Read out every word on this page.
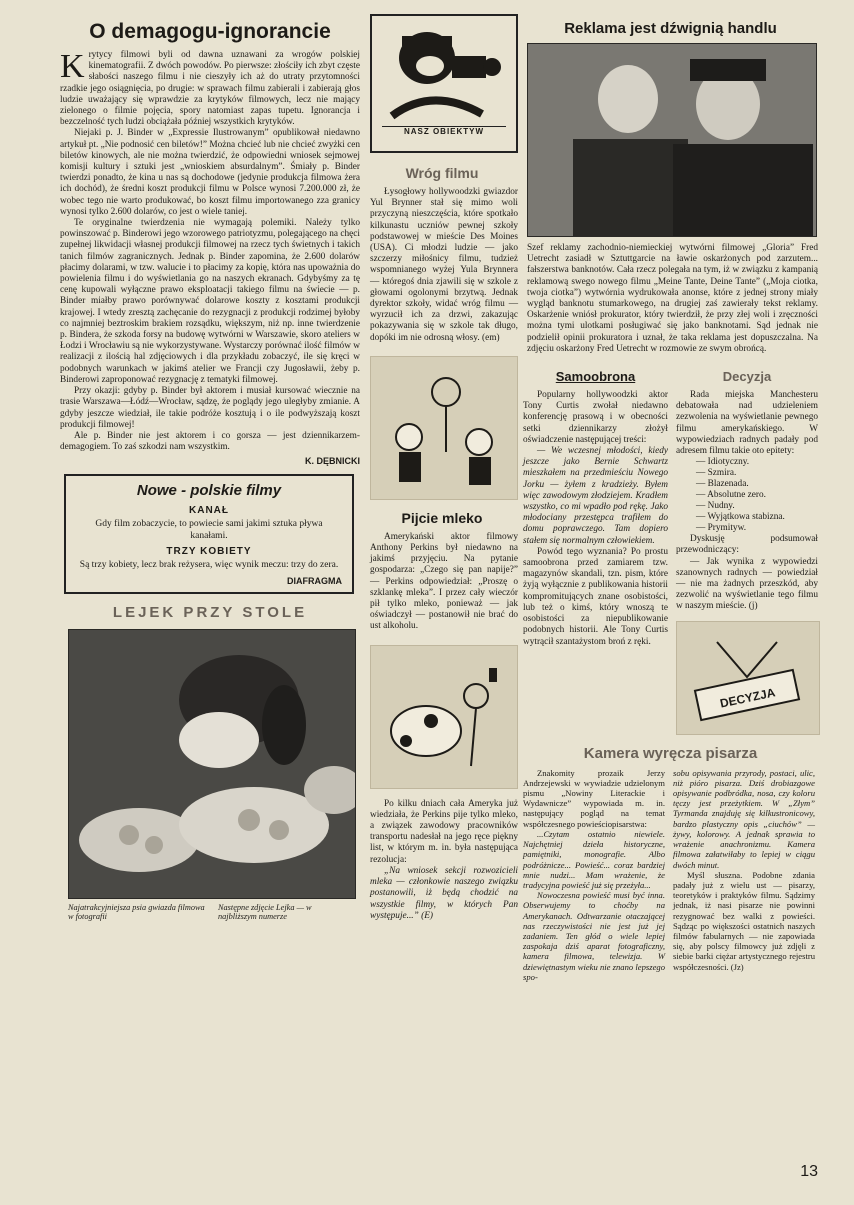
O demagogu-ignorancie

Krytycy filmowi byli od dawna uznawani za wrogów polskiej kinematografii. Z dwóch powodów. Po pierwsze: złościły ich zbyt częste słabości naszego filmu i nie cieszyły ich aż do utraty przytomności rzadkie jego osiągnięcia, po drugie: w sprawach filmu zabierali i zabierają głos ludzie uważający się wprawdzie za krytyków filmowych, lecz nie mający zielonego o filmie pojęcia, spory natomiast zapas tupetu. Ignorancja i bezczelność tych ludzi obciążała później wszystkich krytyków.

Niejaki p. J. Binder w „Expressie Ilustrowanym” opublikował niedawno artykuł pt. „Nie podnosić cen biletów!” Można chcieć lub nie chcieć zwyżki cen biletów kinowych, ale nie można twierdzić, że odpowiedni wniosek sejmowej komisji kultury i sztuki jest „wnioskiem absurdalnym”. Śmiały p. Binder twierdzi ponadto, że kina u nas są dochodowe (jedynie produkcja filmowa żera ich dochód), że średni koszt produkcji filmu w Polsce wynosi 7.200.000 zł, że wobec tego nie warto produkować, bo koszt filmu importowanego zza granicy wynosi tylko 2.600 dolarów, co jest o wiele taniej.

Te oryginalne twierdzenia nie wymagają polemiki. Należy tylko powinszować p. Binderowi jego wzorowego patriotyzmu, polegającego na chęci zupełnej likwidacji własnej produkcji filmowej na rzecz tych świetnych i takich tanich filmów zagranicznych. Jednak p. Binder zapomina, że 2.600 dolarów płacimy dolarami, w tzw. walucie i to płacimy za kopię, która nas upoważnia do powielenia filmu i do wyświetlania go na naszych ekranach. Gdybyśmy za tę cenę kupowali wyłączne prawo eksploatacji takiego filmu na świecie — p. Binder miałby prawo porównywać dolarowe koszty z kosztami produkcji krajowej. I wtedy zresztą zachęcanie do rezygnacji z produkcji rodzimej byłoby co najmniej beztroskim brakiem rozsądku, większym, niż np. inne twierdzenie p. Bindera, że szkoda forsy na budowę wytwórni w Warszawie, skoro ateliers w Łodzi i Wrocławiu są nie wykorzystywane. Wystarczy porównać ilość filmów w realizacji z ilością hal zdjęciowych i dla przykładu zobaczyć, ile się kręci w podobnych warunkach w jakimś atelier we Francji czy Jugosławii, żeby p. Binderowi zaproponować rezygnację z tematyki filmowej.

Przy okazji: gdyby p. Binder był aktorem i musiał kursować wiecznie na trasie Warszawa—Łódź—Wrocław, sądzę, że poglądy jego uległyby zmianie. A gdyby jeszcze wiedział, ile takie podróże kosztują i o ile podwyższają koszt produkcji filmowej!

Ale p. Binder nie jest aktorem i co gorsza — jest dziennikarzem-demagogiem. To zaś szkodzi nam wszystkim.

K. DĘBNICKI

Nowe - polskie filmy

KANAŁ

Gdy film zobaczycie, to powiecie sami jakimi sztuka pływa kanałami.

TRZY KOBIETY

Są trzy kobiety, lecz brak reżysera, więc wynik meczu: trzy do zera.

DIAFRAGMA

LEJEK PRZY STOLE

Najatrakcyjniejsza psia gwiazda filmowa w fotografii
Następne zdjęcie Lejka — w najbliższym numerze
NASZ OBIEKTYW
Wróg filmu

Łysogłowy hollywoodzki gwiazdor Yul Brynner stał się mimo woli przyczyną nieszczęścia, które spotkało kilkunastu uczniów pewnej szkoły podstawowej w mieście Des Moines (USA). Ci młodzi ludzie — jako szczerzy miłośnicy filmu, tudzież wspomnianego wyżej Yula Brynnera — któregoś dnia zjawili się w szkole z głowami ogolonymi brzytwą. Jednak dyrektor szkoły, widać wróg filmu — wyrzucił ich za drzwi, zakazując pokazywania się w szkole tak długo, dopóki im nie odrosną włosy. (em)

Pijcie mleko

Amerykański aktor filmowy Anthony Perkins był niedawno na jakimś przyjęciu. Na pytanie gospodarza: „Czego się pan napije?” — Perkins odpowiedział: „Proszę o szklankę mleka”. I przez cały wieczór pił tylko mleko, ponieważ — jak oświadczył — postanowił nie brać do ust alkoholu.

Po kilku dniach cała Ameryka już wiedziała, że Perkins pije tylko mleko, a związek zawodowy pracowników transportu nadesłał na jego ręce piękny list, w którym m. in. była następująca rezolucja:

„Na wniosek sekcji rozwozicieli mleka — członkowie naszego związku postanowili, iż będą chodzić na wszystkie filmy, w których Pan występuje...” (E)

Reklama jest dźwignią handlu

Szef reklamy zachodnio-niemieckiej wytwórni filmowej „Gloria” Fred Uetrecht zasiadł w Sztuttgarcie na ławie oskarżonych pod zarzutem... fałszerstwa banknotów. Cała rzecz polegała na tym, iż w związku z kampanią reklamową swego nowego filmu „Meine Tante, Deine Tante” („Moja ciotka, twoja ciotka”) wytwórnia wydrukowała anonse, które z jednej strony miały wygląd banknotu stumarkowego, na drugiej zaś zawierały tekst reklamy. Oskarżenie wniósł prokurator, który twierdził, że przy złej woli i zręczności można tymi ulotkami posługiwać się jako banknotami. Sąd jednak nie podzielił opinii prokuratora i uznał, że taka reklama jest dopuszczalna. Na zdjęciu oskarżony Fred Uetrecht w rozmowie ze swym obrońcą.

Samoobrona

Popularny hollywoodzki aktor Tony Curtis zwołał niedawno konferencję prasową i w obecności setki dziennikarzy złożył oświadczenie następującej treści:

— We wczesnej młodości, kiedy jeszcze jako Bernie Schwartz mieszkałem na przedmieściu Nowego Jorku — żyłem z kradzieży. Byłem więc zawodowym złodziejem. Kradłem wszystko, co mi wpadło pod rękę. Jako młodociany przestępca trafiłem do domu poprawczego. Tam dopiero stałem się normalnym człowiekiem.

Powód tego wyznania? Po prostu samoobrona przed zamiarem tzw. magazynów skandali, tzn. pism, które żyją wyłącznie z publikowania historii kompromitujących znane osobistości, lub też o kimś, który wnoszą te osobistości za niepublikowanie podobnych historii. Ale Tony Curtis wytrącił szantażystom broń z ręki.

Decyzja

Rada miejska Manchesteru debatowała nad udzieleniem zezwolenia na wyświetlanie pewnego filmu amerykańskiego. W wypowiedziach radnych padały pod adresem filmu takie oto epitety:

— Idiotyczny.
— Szmira.
— Blazenada.
— Absolutne zero.
— Nudny.
— Wyjątkowa stabizna.
— Prymityw.

Dyskusję podsumował przewodniczący:

— Jak wynika z wypowiedzi szanownych radnych — powiedział — nie ma żadnych przeszkód, aby zezwolić na wyświetlanie tego filmu w naszym mieście. (j)

DECYZJA
Kamera wyręcza pisarza

Znakomity prozaik Jerzy Andrzejewski w wywiadzie udzielonym pismu „Nowiny Literackie i Wydawnicze” wypowiada m. in. następujący pogląd na temat współczesnego powieściopisarstwa:

...Czytam ostatnio niewiele. Najchętniej dzieła historyczne, pamiętniki, monografie. Albo podróżnicze... Powieść... coraz bardziej mnie nudzi... Mam wrażenie, że tradycyjna powieść już się przeżyła...

Nowoczesna powieść musi być inna. Obserwujemy to choćby na Amerykanach. Odtwarzanie otaczającej nas rzeczywistości nie jest już jej zadaniem. Ten głód o wiele lepiej zaspokaja dziś aparat fotograficzny, kamera filmowa, telewizja. W dziewiętnastym wieku nie znano lepszego spo-

sobu opisywania przyrody, postaci, ulic, niż pióro pisarza. Dziś drobiazgowe opisywanie podbródka, nosa, czy koloru tęczy jest przeżytkiem. W „Złym” Tyrmanda znajduję się kilkustronicowy, bardzo plastyczny opis „ciuchów” — żywy, kolorowy. A jednak sprawia to wrażenie anachronizmu. Kamera filmowa załatwiłaby to lepiej w ciągu dwóch minut.

Myśl słuszna. Podobne zdania padały już z wielu ust — pisarzy, teoretyków i praktyków filmu. Sądzimy jednak, iż nasi pisarze nie powinni rezygnować bez walki z powieści. Sądząc po większości ostatnich naszych filmów fabularnych — nie zapowiada się, aby polscy filmowcy już zdjęli z siebie barki ciężar artystycznego rejestru współczesności. (Jz)

13
